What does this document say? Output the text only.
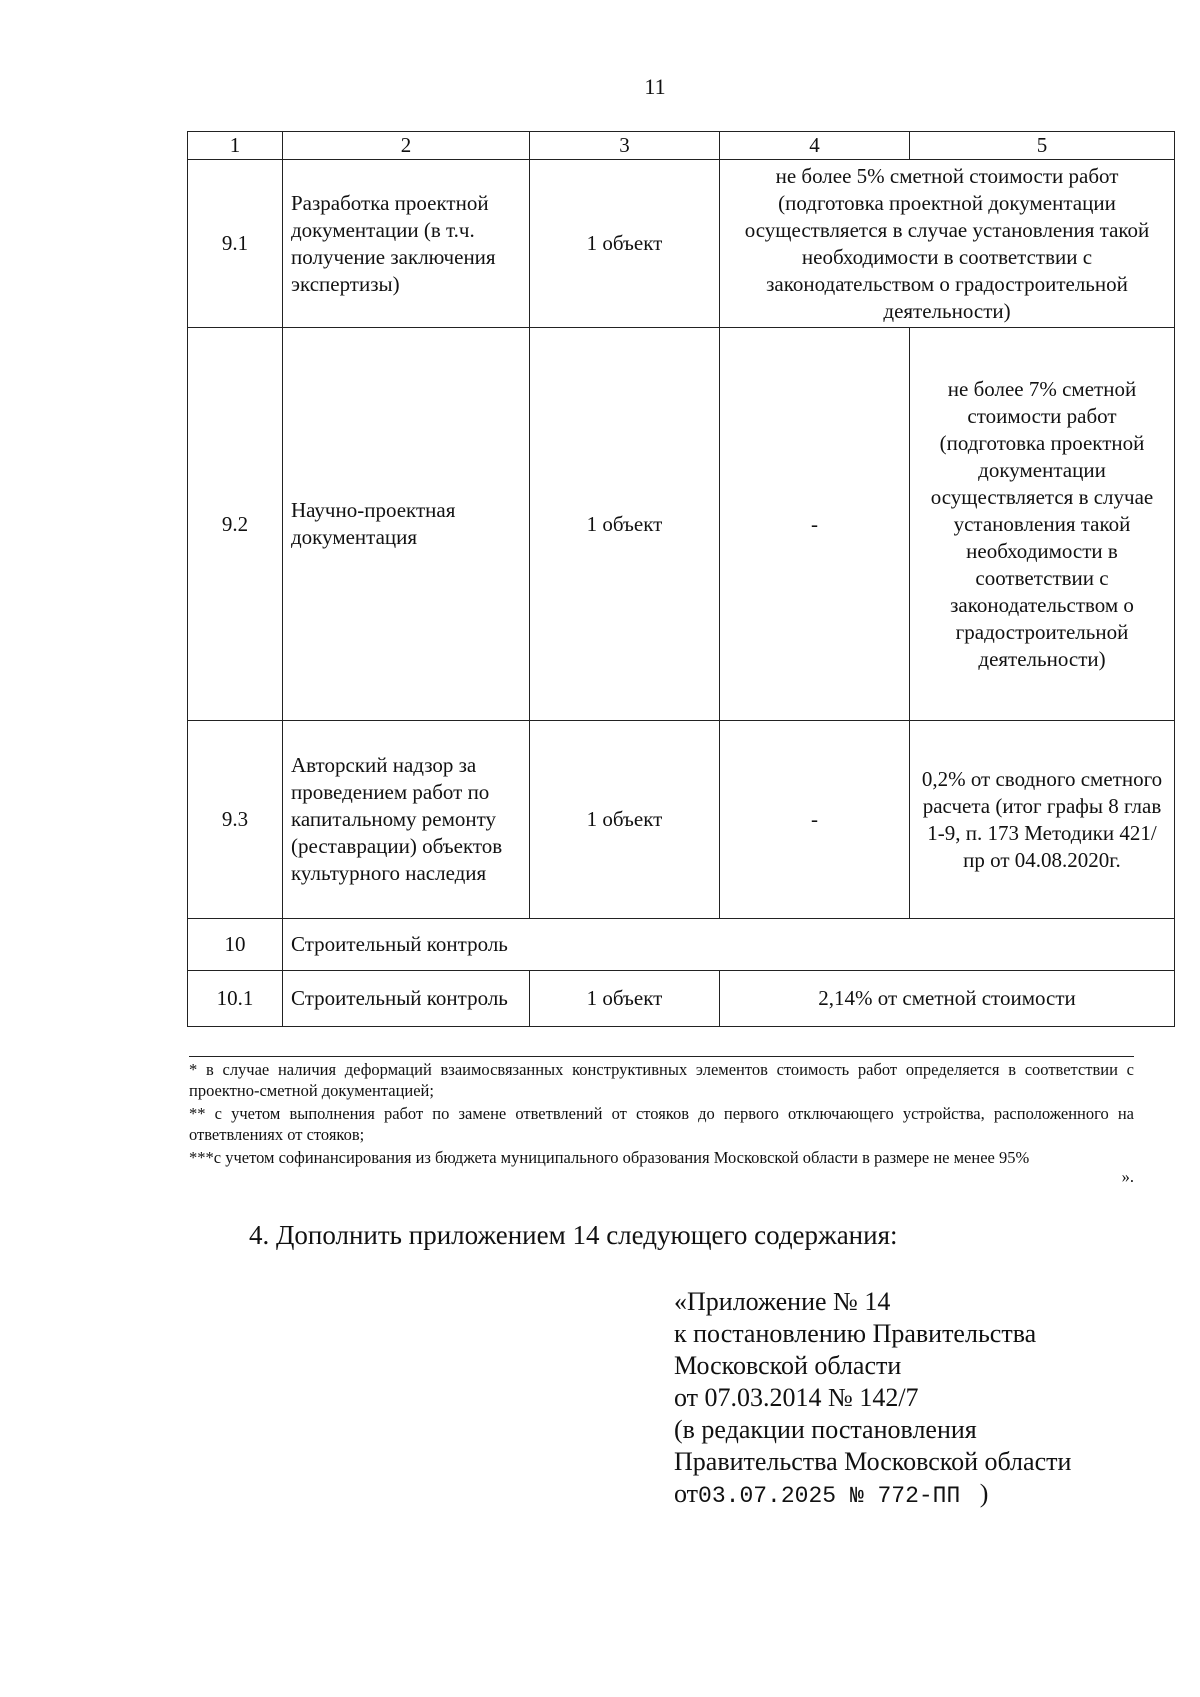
11
1	2	3	4	5
9.1	Разработка проектной документации (в т.ч. получение заключения экспертизы)	1 объект	не более 5% сметной стоимости работ (подготовка проектной документации осуществляется в случае установления такой необходимости в соответствии с законодательством о градостроительной деятельности)	
9.2	Научно-проектная документация	1 объект	-	не более 7% сметной стоимости работ (подготовка проектной документации осуществляется в случае установления такой необходимости в соответствии с законодательством о градостроительной деятельности)
9.3	Авторский надзор за проведением работ по капитальному ремонту (реставрации) объектов культурного наследия	1 объект	-	0,2% от сводного сметного расчета (итог графы 8 глав 1-9, п. 173 Методики 421/пр от 04.08.2020г.
10	Строительный контроль			
10.1	Строительный контроль	1 объект	2,14% от сметной стоимости	

* в случае наличия деформаций взаимосвязанных конструктивных элементов стоимость работ определяется в соответствии с проектно-сметной документацией;

** с учетом выполнения работ по замене ответвлений от стояков до первого отключающего устройства, расположенного на ответвлениях от стояков;

***с учетом софинансирования из бюджета муниципального образования Московской области в размере не менее 95%

».
4. Дополнить приложением 14 следующего содержания:
«Приложение № 14
к постановлению Правительства
Московской области
от 07.03.2014 № 142/7
(в редакции постановления
Правительства Московской области
от03.07.2025 № 772-ПП )
